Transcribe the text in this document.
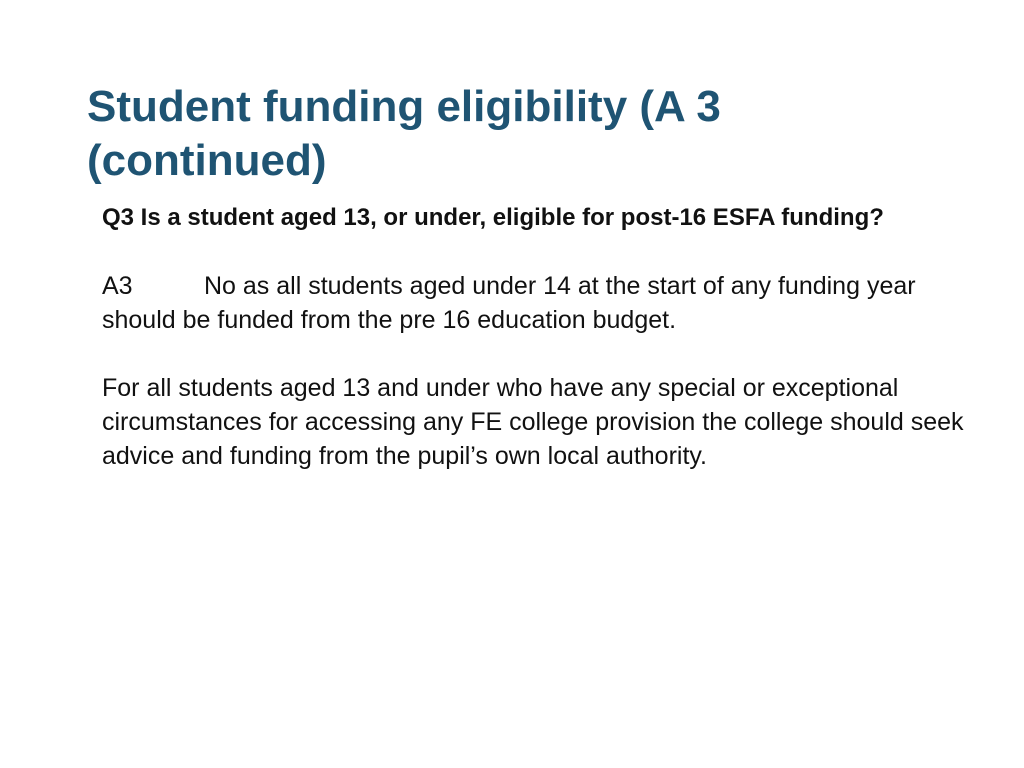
Student funding eligibility (A 3 (continued)

Q3 Is a student aged 13, or under, eligible for post-16 ESFA funding?

A3	No as all students aged under 14 at the start of any funding year should be funded from the pre 16 education budget.

For all students aged 13 and under who have any special or exceptional circumstances for accessing any FE college provision the college should seek advice and funding from the pupil’s own local authority.
